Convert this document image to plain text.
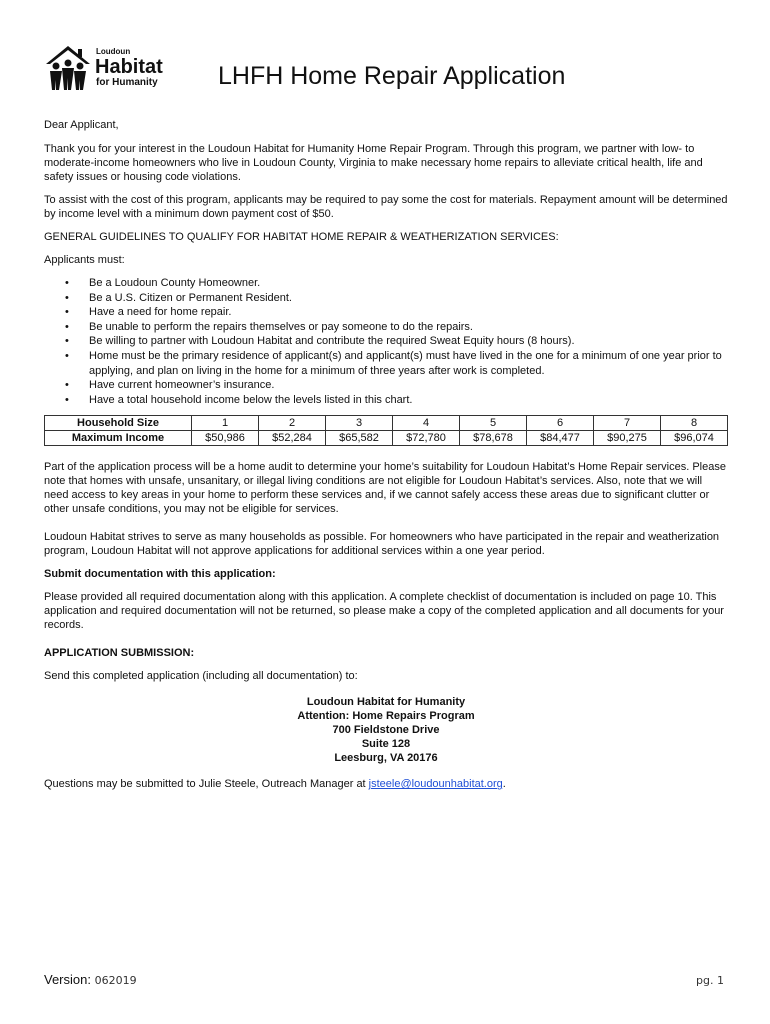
Loudoun
Habitat
for Humanity LHFH Home Repair Application

Dear Applicant,

Thank you for your interest in the Loudoun Habitat for Humanity Home Repair Program. Through this program, we partner with low- to moderate-income homeowners who live in Loudoun County, Virginia to make necessary home repairs to alleviate critical health, life and safety issues or housing code violations.

To assist with the cost of this program, applicants may be required to pay some the cost for materials. Repayment amount will be determined by income level with a minimum down payment cost of $50.

GENERAL GUIDELINES TO QUALIFY FOR HABITAT HOME REPAIR & WEATHERIZATION SERVICES:

Applicants must:

• Be a Loudoun County Homeowner.
• Be a U.S. Citizen or Permanent Resident.
• Have a need for home repair.
• Be unable to perform the repairs themselves or pay someone to do the repairs.
• Be willing to partner with Loudoun Habitat and contribute the required Sweat Equity hours (8 hours).
• Home must be the primary residence of applicant(s) and applicant(s) must have lived in the one for a minimum of one year prior to applying, and plan on living in the home for a minimum of three years after work is completed.
• Have current homeowner’s insurance.
• Have a total household income below the levels listed in this chart.
Household Size	1	2	3	4	5	6	7	8
Maximum Income	$50,986	$52,284	$65,582	$72,780	$78,678	$84,477	$90,275	$96,074

Part of the application process will be a home audit to determine your home’s suitability for Loudoun Habitat’s Home Repair services. Please note that homes with unsafe, unsanitary, or illegal living conditions are not eligible for Loudoun Habitat’s services. Also, note that we will need access to key areas in your home to perform these services and, if we cannot safely access these areas due to significant clutter or other unsafe conditions, you may not be eligible for services.

Loudoun Habitat strives to serve as many households as possible. For homeowners who have participated in the repair and weatherization program, Loudoun Habitat will not approve applications for additional services within a one year period.

Submit documentation with this application:

Please provided all required documentation along with this application. A complete checklist of documentation is included on page 10. This application and required documentation will not be returned, so please make a copy of the completed application and all documents for your records.

APPLICATION SUBMISSION:

Send this completed application (including all documentation) to:

Loudoun Habitat for Humanity
Attention: Home Repairs Program
700 Fieldstone Drive
Suite 128
Leesburg, VA 20176

Questions may be submitted to Julie Steele, Outreach Manager at jsteele@loudounhabitat.org.

Version: 062019	pg. 1
